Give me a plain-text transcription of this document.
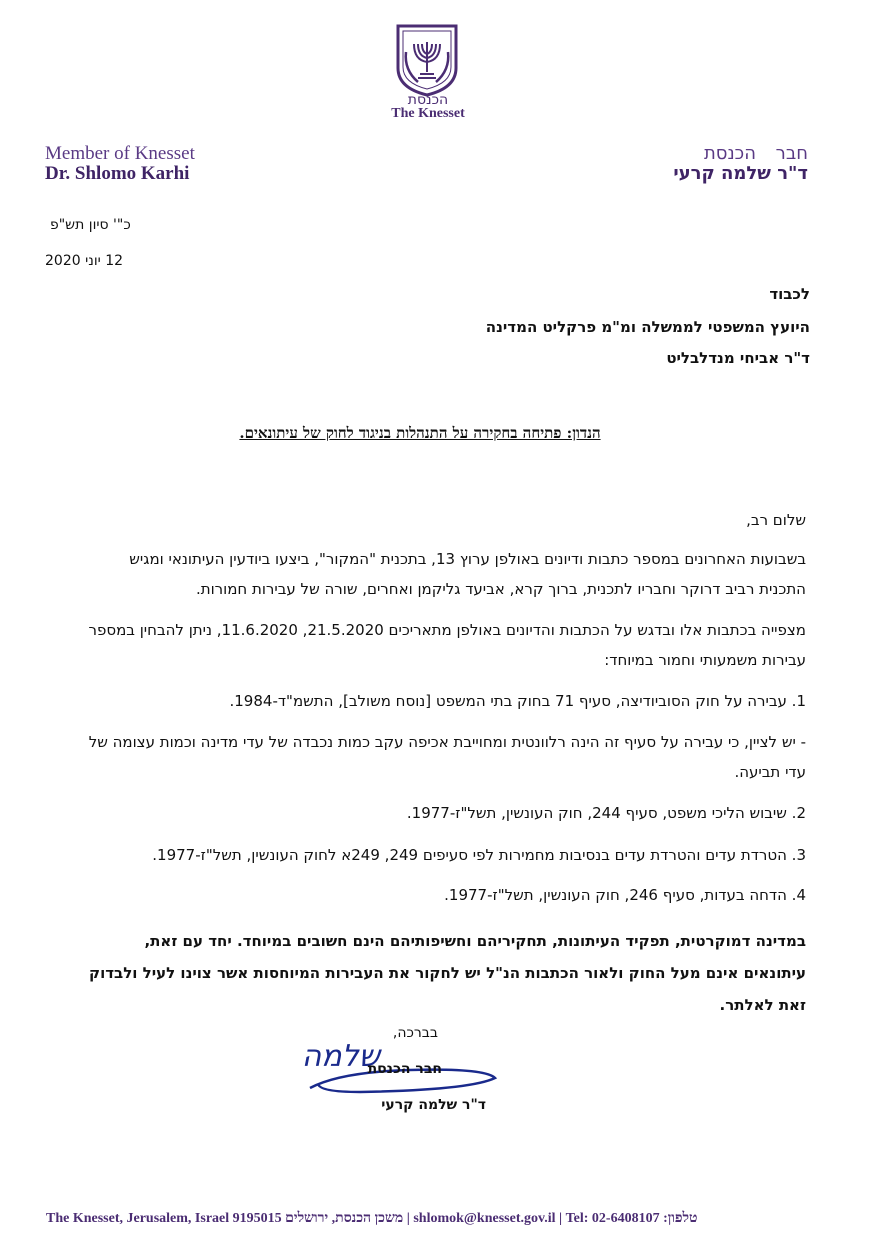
הכנסת
The Knesset
Member of Knesset
Dr. Shlomo Karhi
חבר הכנסת
ד"ר שלמה קרעי
כ"' סיון תש"פ
12 יוני 2020
לכבוד
היועץ המשפטי לממשלה ומ"מ פרקליט המדינה
ד"ר אביחי מנדלבליט
הנדון: פתיחה בחקירה על התנהלות בניגוד לחוק של עיתונאים.
שלום רב,
בשבועות האחרונים במספר כתבות ודיונים באולפן ערוץ 13, בתכנית "המקור", ביצעו ביודעין העיתונאי ומגיש התכנית רביב דרוקר וחבריו לתכנית, ברוך קרא, אביעד גליקמן ואחרים, שורה של עבירות חמורות.
מצפייה בכתבות אלו ובדגש על הכתבות והדיונים באולפן מתאריכים 21.5.2020, 11.6.2020, ניתן להבחין במספר עבירות משמעותי וחמור במיוחד:
1. עבירה על חוק הסוביודיצה, סעיף 71 בחוק בתי המשפט [נוסח משולב], התשמ"ד-1984.
- יש לציין, כי עבירה על סעיף זה הינה רלוונטית ומחוייבת אכיפה עקב כמות נכבדה של עדי מדינה וכמות עצומה של עדי תביעה.
2. שיבוש הליכי משפט, סעיף 244, חוק העונשין, תשל"ז-1977.
3. הטרדת עדים והטרדת עדים בנסיבות מחמירות לפי סעיפים 249, 249א לחוק העונשין, תשל"ז-1977.
4. הדחה בעדות, סעיף 246, חוק העונשין, תשל"ז-1977.
במדינה דמוקרטית, תפקיד העיתונות, תחקיריהם וחשיפותיהם הינם חשובים במיוחד. יחד עם זאת, עיתונאים אינם מעל החוק ולאור הכתבות הנ"ל יש לחקור את העבירות המיוחסות אשר צוינו לעיל ולבדוק זאת לאלתר.
שלמה
בברכה,
חבר הכנסת
ד"ר שלמה קרעי
The Knesset, Jerusalem, Israel 9195015 משכן הכנסת, ירושלים | shlomok@knesset.gov.il | Tel: 02-6408107 טלפון:
